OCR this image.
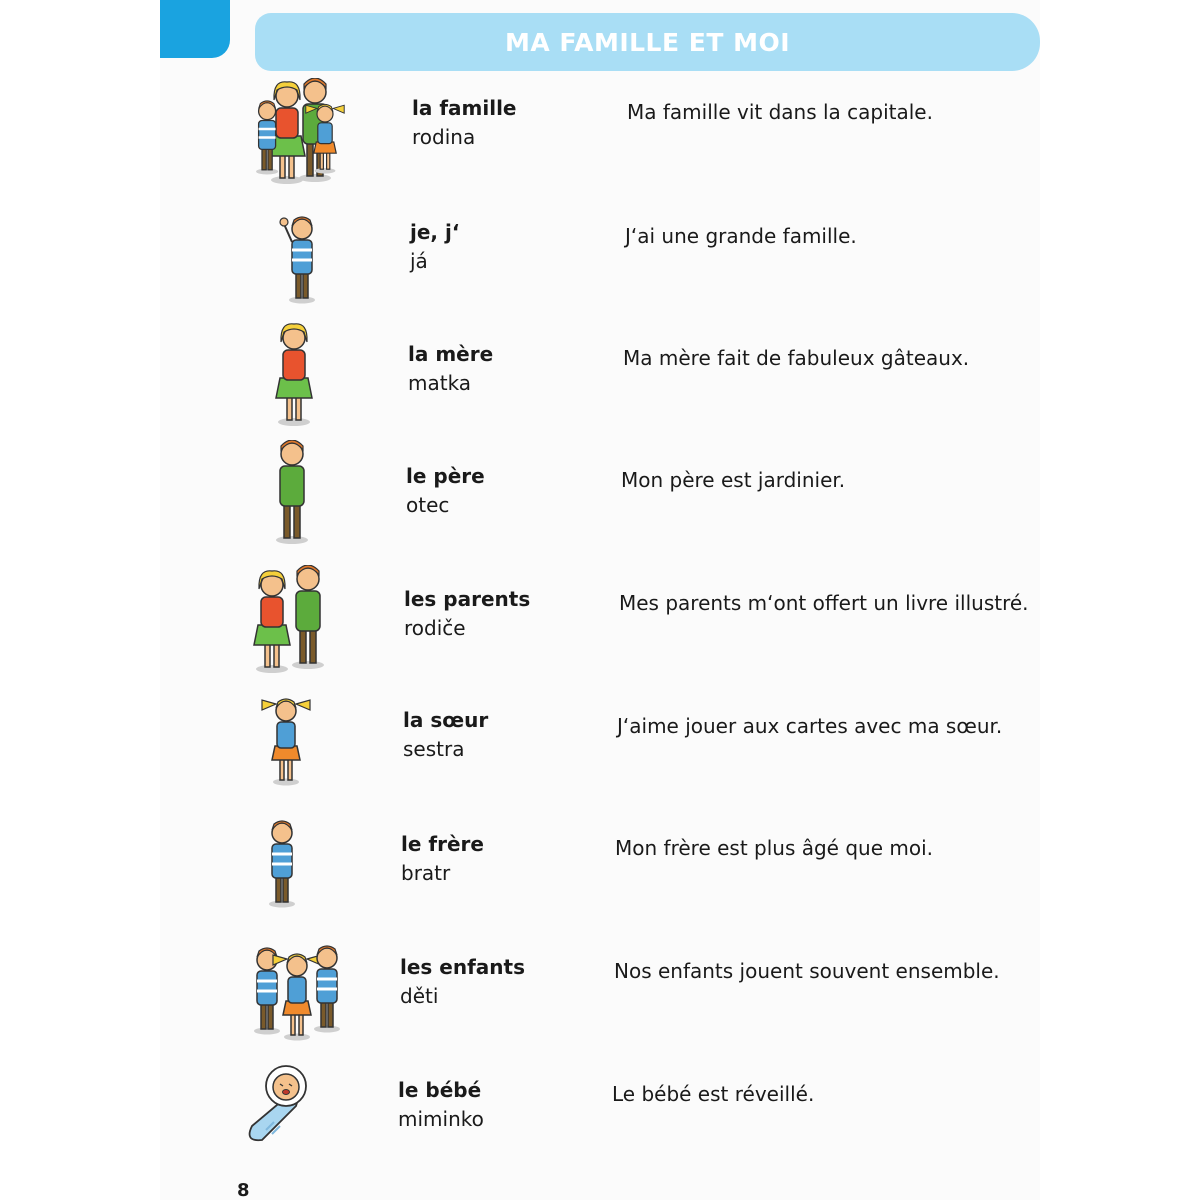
MA FAMILLE ET MOI
la famille
rodina
Ma famille vit dans la capitale.
je, j‘
já
J‘ai une grande famille.
la mère
matka
Ma mère fait de fabuleux gâteaux.
le père
otec
Mon père est jardinier.
les parents
rodiče
Mes parents m‘ont offert un livre illustré.
la sœur
sestra
J‘aime jouer aux cartes avec ma sœur.
le frère
bratr
Mon frère est plus âgé que moi.
les enfants
děti
Nos enfants jouent souvent ensemble.
le bébé
miminko
Le bébé est réveillé.
8
